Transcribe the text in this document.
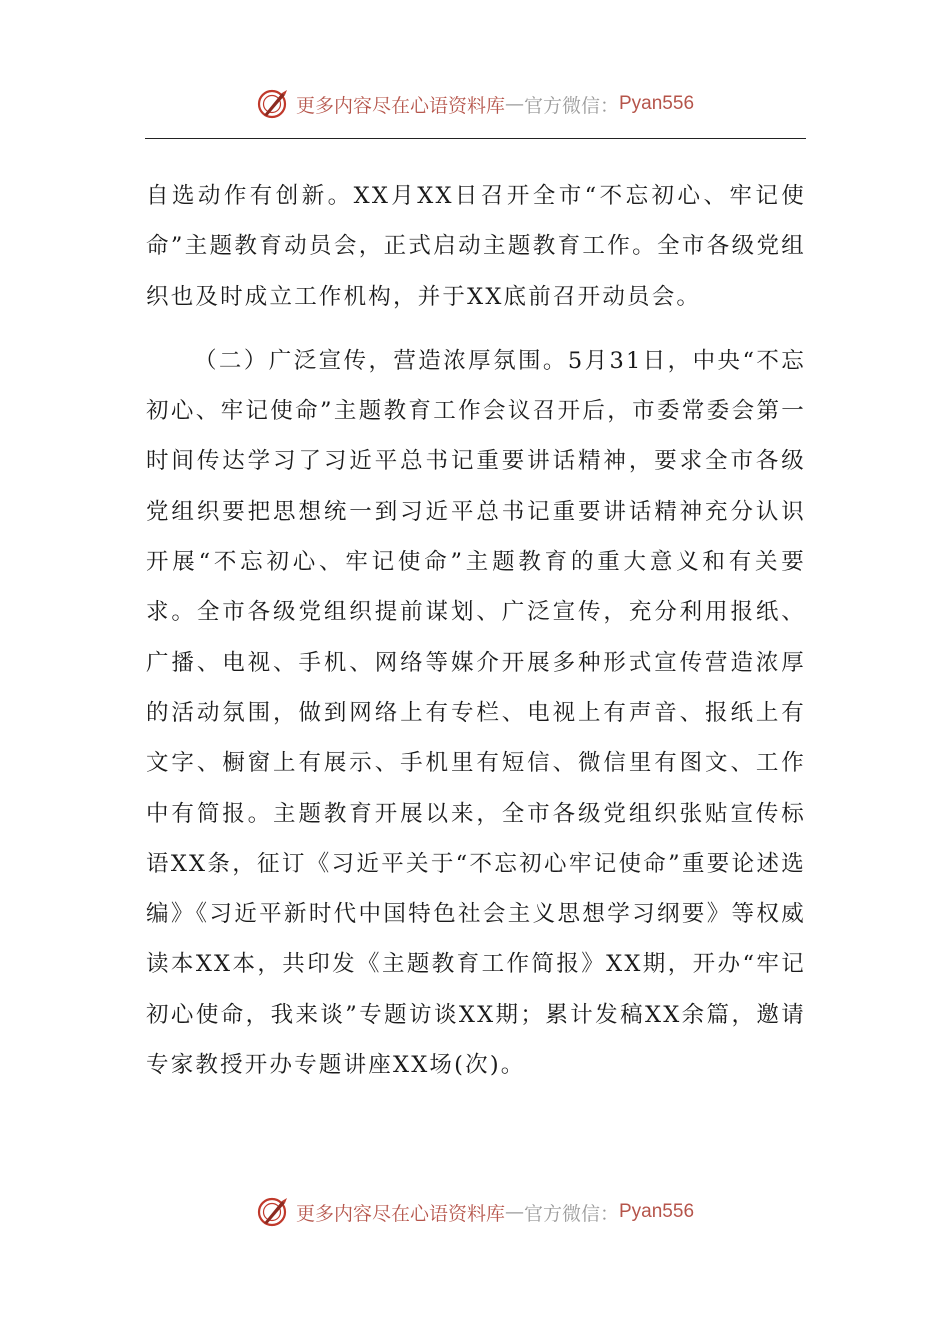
更多内容尽在心语资料库 — 官方微信： Pyan556

自选动作有创新。XX月XX日召开全市“不忘初心、牢记使命”主题教育动员会，正式启动主题教育工作。全市各级党组织也及时成立工作机构，并于XX底前召开动员会。

（二）广泛宣传，营造浓厚氛围。5月31日，中央“不忘初心、牢记使命”主题教育工作会议召开后，市委常委会第一时间传达学习了习近平总书记重要讲话精神，要求全市各级党组织要把思想统一到习近平总书记重要讲话精神充分认识开展“不忘初心、牢记使命”主题教育的重大意义和有关要求。全市各级党组织提前谋划、广泛宣传，充分利用报纸、广播、电视、手机、网络等媒介开展多种形式宣传营造浓厚的活动氛围，做到网络上有专栏、电视上有声音、报纸上有文字、橱窗上有展示、手机里有短信、微信里有图文、工作中有简报。主题教育开展以来，全市各级党组织张贴宣传标语XX条，征订《习近平关于“不忘初心牢记使命”重要论述选编》《习近平新时代中国特色社会主义思想学习纲要》等权威读本XX本，共印发《主题教育工作简报》XX期，开办“牢记初心使命，我来谈”专题访谈XX期；累计发稿XX余篇，邀请专家教授开办专题讲座XX场(次)。

更多内容尽在心语资料库 — 官方微信： Pyan556
